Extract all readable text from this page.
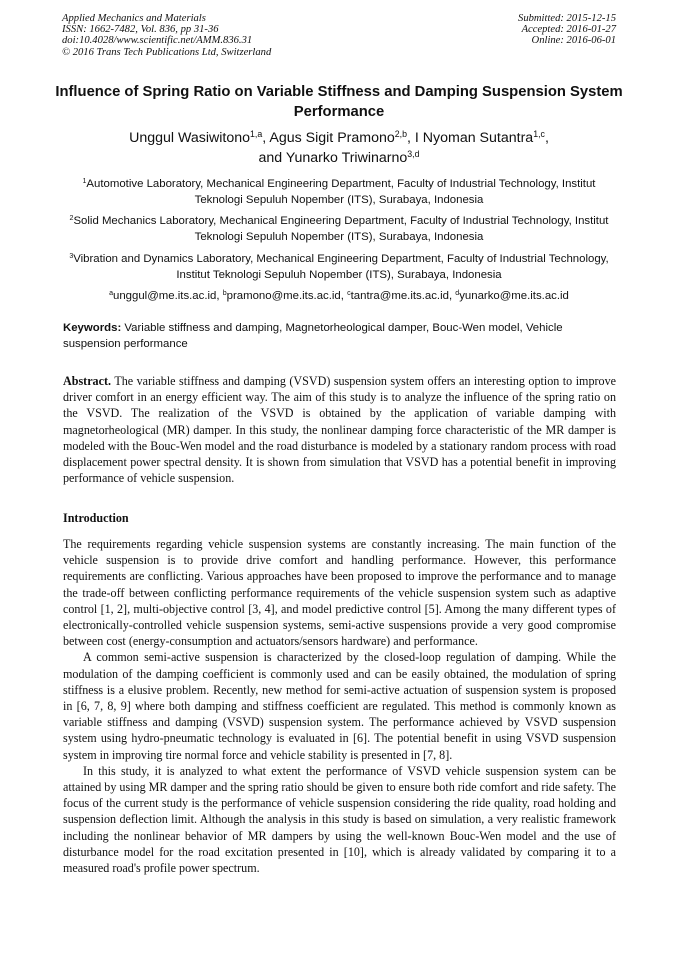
Applied Mechanics and Materials
ISSN: 1662-7482, Vol. 836, pp 31-36
doi:10.4028/www.scientific.net/AMM.836.31
© 2016 Trans Tech Publications Ltd, Switzerland
Submitted: 2015-12-15
Accepted: 2016-01-27
Online: 2016-06-01
Influence of Spring Ratio on Variable Stiffness and Damping Suspension System Performance
Unggul Wasiwitono$^{1,a}$, Agus Sigit Pramono$^{2,b}$, I Nyoman Sutantra$^{1,c}$,
and Yunarko Triwinarno$^{3,d}$
$^1$Automotive Laboratory, Mechanical Engineering Department, Faculty of Industrial Technology, Institut Teknologi Sepuluh Nopember (ITS), Surabaya, Indonesia
$^2$Solid Mechanics Laboratory, Mechanical Engineering Department, Faculty of Industrial Technology, Institut Teknologi Sepuluh Nopember (ITS), Surabaya, Indonesia
$^3$Vibration and Dynamics Laboratory, Mechanical Engineering Department, Faculty of Industrial Technology, Institut Teknologi Sepuluh Nopember (ITS), Surabaya, Indonesia
$^a$unggul@me.its.ac.id, $^b$pramono@me.its.ac.id, $^c$tantra@me.its.ac.id, $^d$yunarko@me.its.ac.id
Keywords: Variable stiffness and damping, Magnetorheological damper, Bouc-Wen model, Vehicle suspension performance

Abstract. The variable stiffness and damping (VSVD) suspension system offers an interesting option to improve driver comfort in an energy efficient way. The aim of this study is to analyze the influence of the spring ratio on the VSVD. The realization of the VSVD is obtained by the application of variable damping with magnetorheological (MR) damper. In this study, the nonlinear damping force characteristic of the MR damper is modeled with the Bouc-Wen model and the road disturbance is modeled by a stationary random process with road displacement power spectral density. It is shown from simulation that VSVD has a potential benefit in improving performance of vehicle suspension.

Introduction

The requirements regarding vehicle suspension systems are constantly increasing. The main function of the vehicle suspension is to provide drive comfort and handling performance. However, this performance requirements are conflicting. Various approaches have been proposed to improve the performance and to manage the trade-off between conflicting performance requirements of the vehicle suspension system such as adaptive control [1, 2], multi-objective control [3, 4], and model predictive control [5]. Among the many different types of electronically-controlled vehicle suspension systems, semi-active suspensions provide a very good compromise between cost (energy-consumption and actuators/sensors hardware) and performance.

A common semi-active suspension is characterized by the closed-loop regulation of damping. While the modulation of the damping coefficient is commonly used and can be easily obtained, the modulation of spring stiffness is a elusive problem. Recently, new method for semi-active actuation of suspension system is proposed in [6, 7, 8, 9] where both damping and stiffness coefficient are regulated. This method is commonly known as variable stiffness and damping (VSVD) suspension system. The performance achieved by VSVD suspension system using hydro-pneumatic technology is evaluated in [6]. The potential benefit in using VSVD suspension system in improving tire normal force and vehicle stability is presented in [7, 8].

In this study, it is analyzed to what extent the performance of VSVD vehicle suspension system can be attained by using MR damper and the spring ratio should be given to ensure both ride comfort and ride safety. The focus of the current study is the performance of vehicle suspension considering the ride quality, road holding and suspension deflection limit. Although the analysis in this study is based on simulation, a very realistic framework including the nonlinear behavior of MR dampers by using the well-known Bouc-Wen model and the use of disturbance model for the road excitation presented in [10], which is already validated by comparing it to a measured road's profile power spectrum.
